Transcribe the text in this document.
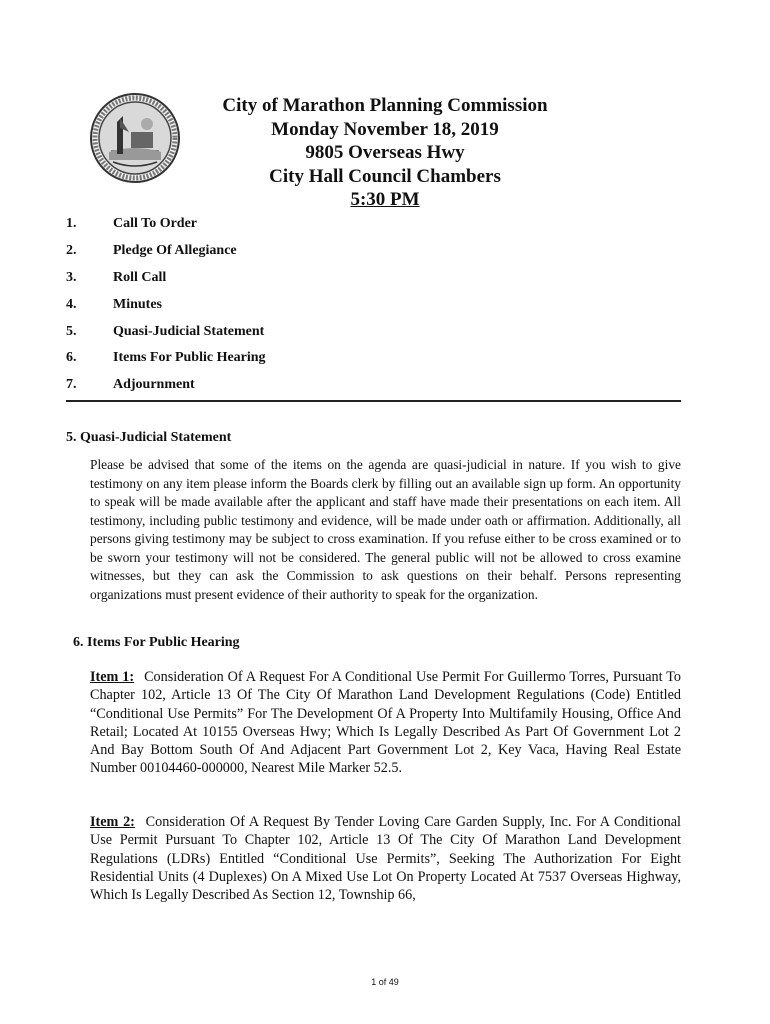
City of Marathon Planning Commission
Monday November 18, 2019
9805 Overseas Hwy
City Hall Council Chambers
5:30 PM
1.	Call To Order
2.	Pledge Of Allegiance
3.	Roll Call
4.	Minutes
5.	Quasi-Judicial Statement
6.	Items For Public Hearing
7.	Adjournment
5. Quasi-Judicial Statement
Please be advised that some of the items on the agenda are quasi-judicial in nature. If you wish to give testimony on any item please inform the Boards clerk by filling out an available sign up form. An opportunity to speak will be made available after the applicant and staff have made their presentations on each item. All testimony, including public testimony and evidence, will be made under oath or affirmation. Additionally, all persons giving testimony may be subject to cross examination. If you refuse either to be cross examined or to be sworn your testimony will not be considered. The general public will not be allowed to cross examine witnesses, but they can ask the Commission to ask questions on their behalf. Persons representing organizations must present evidence of their authority to speak for the organization.
6. Items For Public Hearing
Item 1: Consideration Of A Request For A Conditional Use Permit For Guillermo Torres, Pursuant To Chapter 102, Article 13 Of The City Of Marathon Land Development Regulations (Code) Entitled “Conditional Use Permits” For The Development Of A Property Into Multifamily Housing, Office And Retail; Located At 10155 Overseas Hwy; Which Is Legally Described As Part Of Government Lot 2 And Bay Bottom South Of And Adjacent Part Government Lot 2, Key Vaca, Having Real Estate Number 00104460-000000, Nearest Mile Marker 52.5.
Item 2: Consideration Of A Request By Tender Loving Care Garden Supply, Inc. For A Conditional Use Permit Pursuant To Chapter 102, Article 13 Of The City Of Marathon Land Development Regulations (LDRs) Entitled “Conditional Use Permits”, Seeking The Authorization For Eight Residential Units (4 Duplexes) On A Mixed Use Lot On Property Located At 7537 Overseas Highway, Which Is Legally Described As Section 12, Township 66,
1 of 49
